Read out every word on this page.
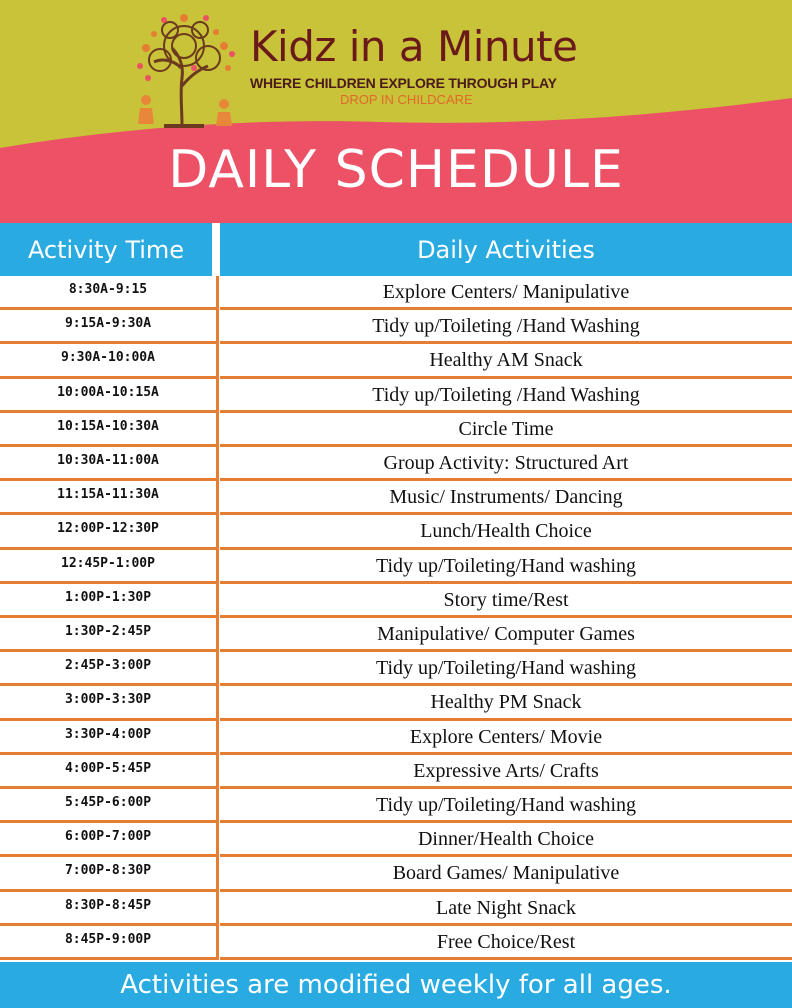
Kidz in a Minute
WHERE CHILDREN EXPLORE THROUGH PLAY
DROP IN CHILDCARE
DAILY SCHEDULE
Activity Time	Daily Activities
8:30A-9:15	Explore Centers/ Manipulative
9:15A-9:30A	Tidy up/Toileting /Hand Washing
9:30A-10:00A	Healthy AM Snack
10:00A-10:15A	Tidy up/Toileting /Hand Washing
10:15A-10:30A	Circle Time
10:30A-11:00A	Group Activity: Structured Art
11:15A-11:30A	Music/ Instruments/ Dancing
12:00P-12:30P	Lunch/Health Choice
12:45P-1:00P	Tidy up/Toileting/Hand washing
1:00P-1:30P	Story time/Rest
1:30P-2:45P	Manipulative/ Computer Games
2:45P-3:00P	Tidy up/Toileting/Hand washing
3:00P-3:30P	Healthy PM Snack
3:30P-4:00P	Explore Centers/ Movie
4:00P-5:45P	Expressive Arts/ Crafts
5:45P-6:00P	Tidy up/Toileting/Hand washing
6:00P-7:00P	Dinner/Health Choice
7:00P-8:30P	Board Games/ Manipulative
8:30P-8:45P	Late Night Snack
8:45P-9:00P	Free Choice/Rest
Activities are modified weekly for all ages.
